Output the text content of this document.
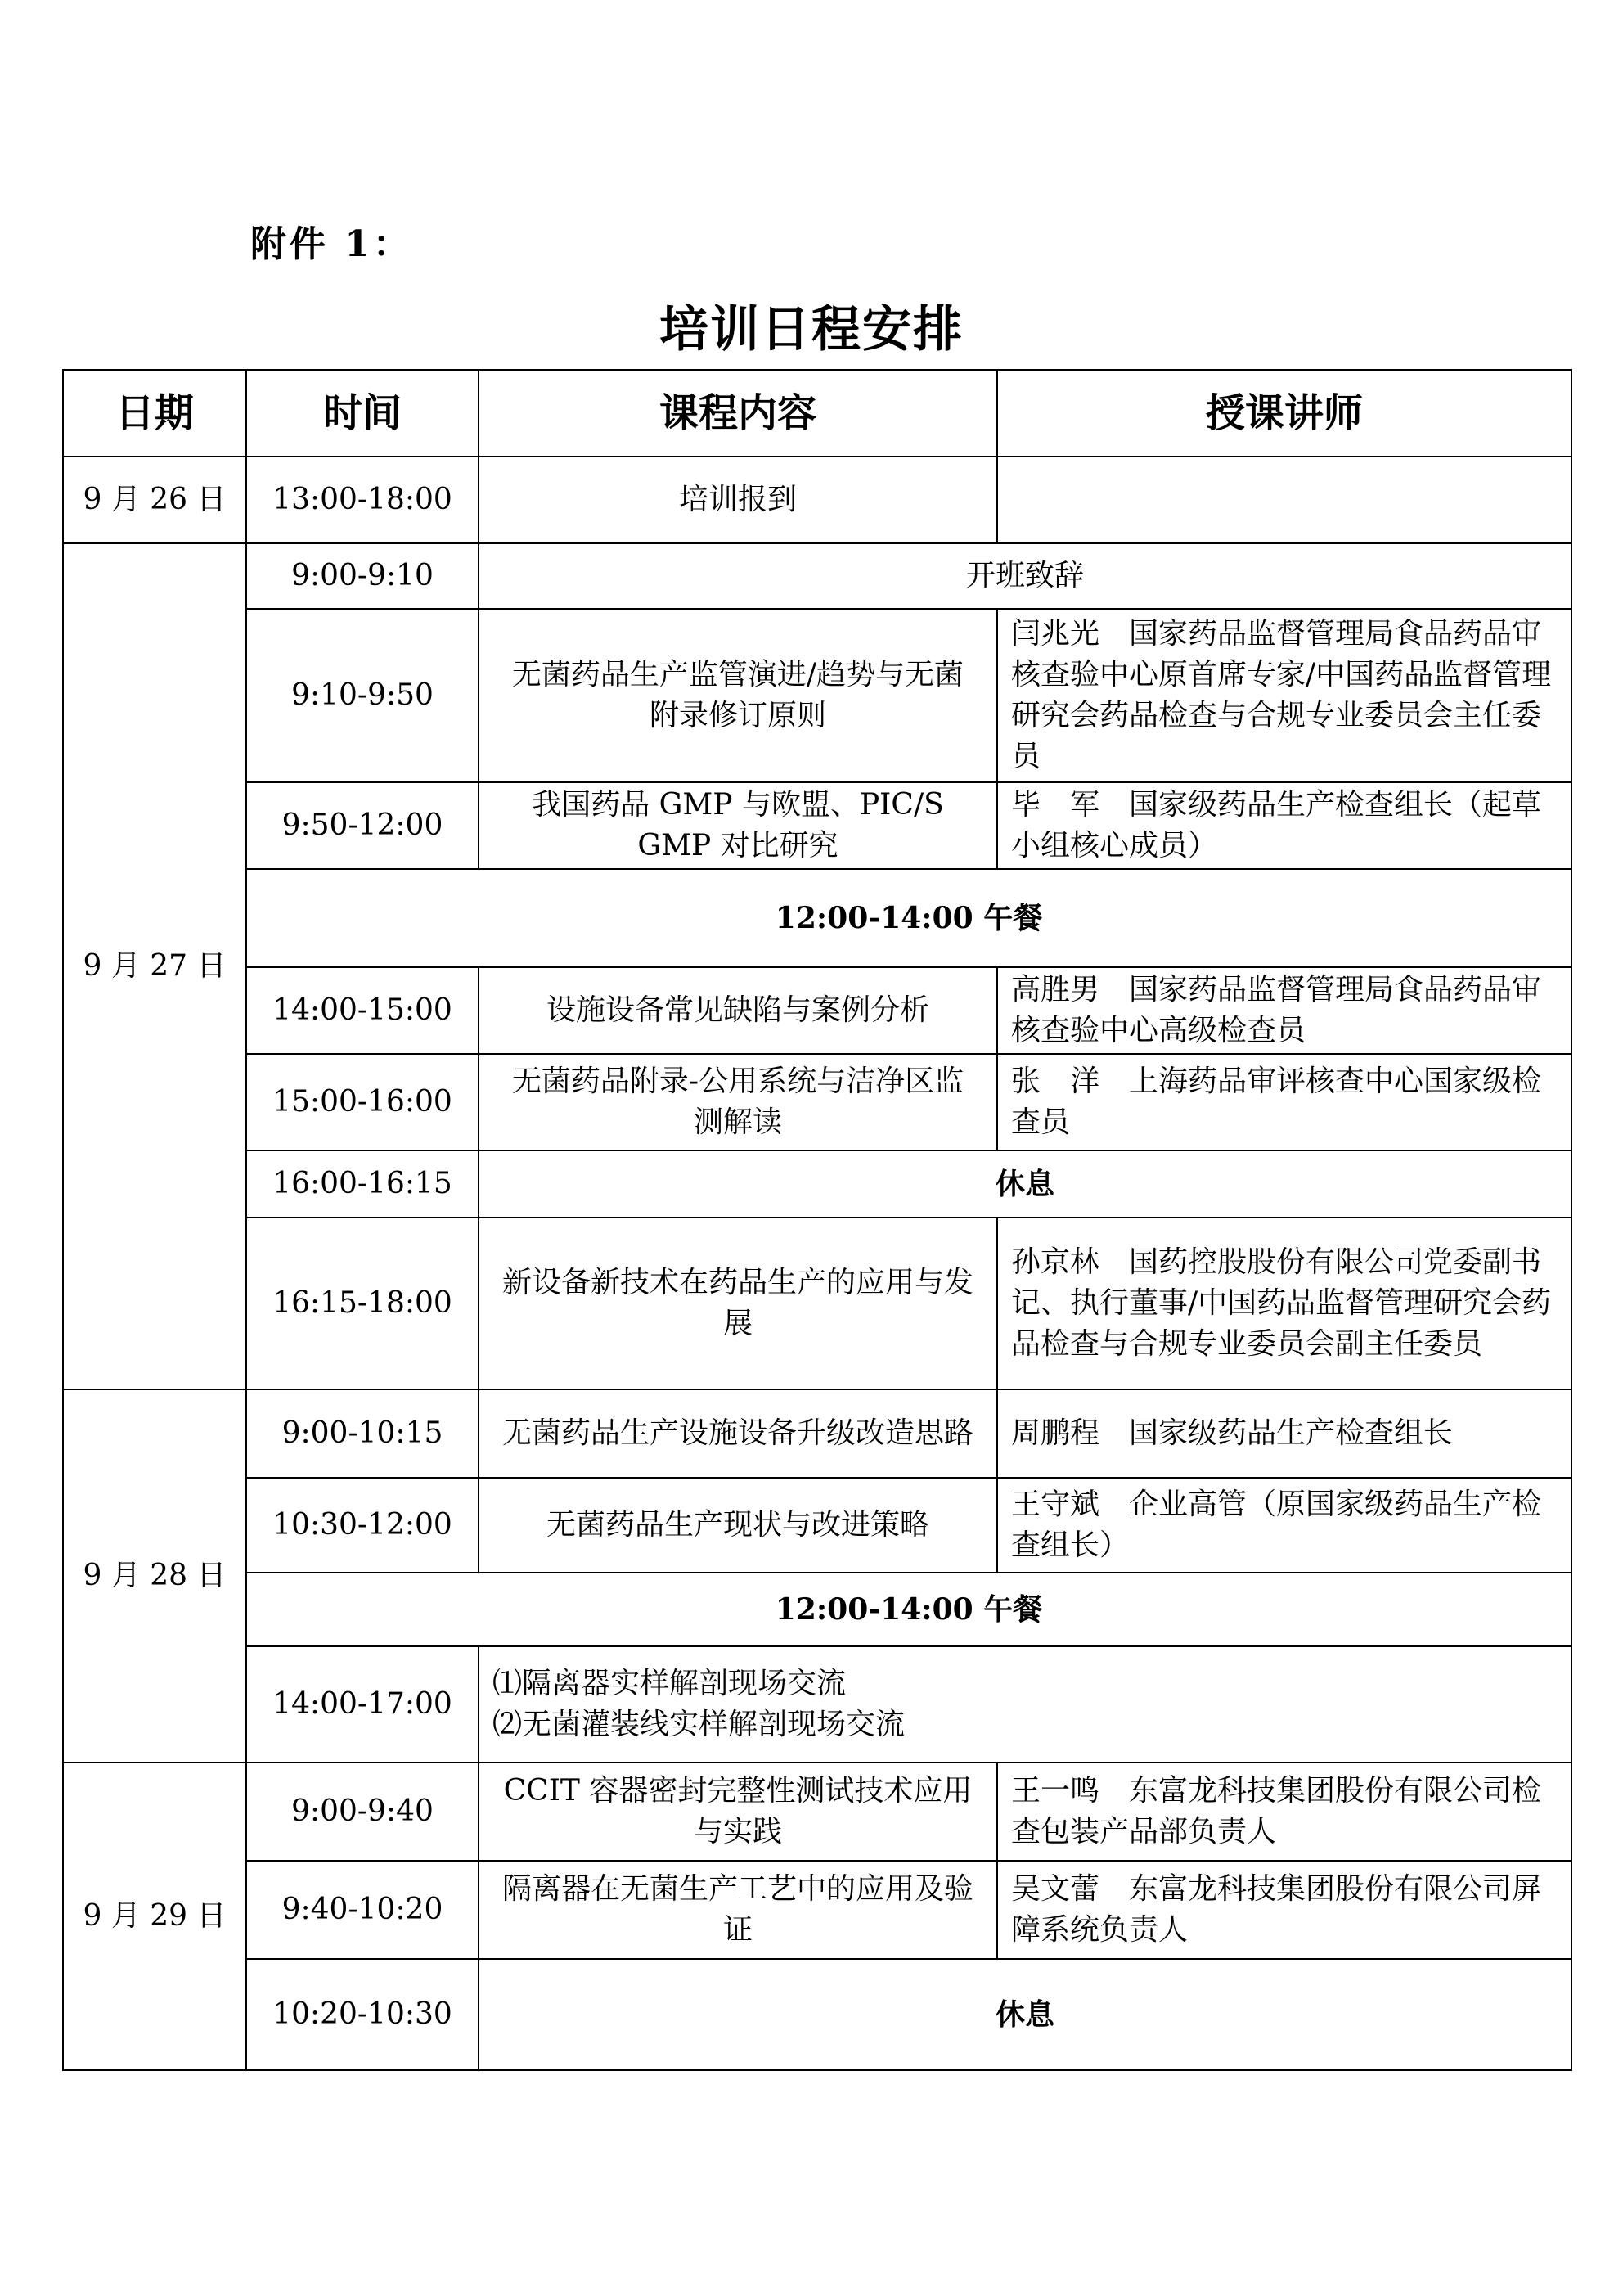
附件 1：
培训日程安排
日期	时间	课程内容	授课讲师
9 月 26 日	13:00-18:00	培训报到	
9 月 27 日	9:00-9:10	开班致辞	
	9:10-9:50	无菌药品生产监管演进/趋势与无菌附录修订原则	闫兆光　国家药品监督管理局食品药品审核查验中心原首席专家/中国药品监督管理研究会药品检查与合规专业委员会主任委员
	9:50-12:00	我国药品 GMP 与欧盟、PIC/S GMP 对比研究	毕　军　国家级药品生产检查组长（起草小组核心成员）
	12:00-14:00 午餐		
	14:00-15:00	设施设备常见缺陷与案例分析	高胜男　国家药品监督管理局食品药品审核查验中心高级检查员
	15:00-16:00	无菌药品附录-公用系统与洁净区监测解读	张　洋　上海药品审评核查中心国家级检查员
	16:00-16:15	休息	
	16:15-18:00	新设备新技术在药品生产的应用与发展	孙京林　国药控股股份有限公司党委副书记、执行董事/中国药品监督管理研究会药品检查与合规专业委员会副主任委员
9 月 28 日	9:00-10:15	无菌药品生产设施设备升级改造思路	周鹏程　国家级药品生产检查组长
	10:30-12:00	无菌药品生产现状与改进策略	王守斌　企业高管（原国家级药品生产检查组长）
	12:00-14:00 午餐		
	14:00-17:00	⑴隔离器实样解剖现场交流
⑵无菌灌装线实样解剖现场交流	

9 月 29 日	9:00-9:40	CCIT 容器密封完整性测试技术应用与实践	王一鸣　东富龙科技集团股份有限公司检查包装产品部负责人
	9:40-10:20	隔离器在无菌生产工艺中的应用及验证	吴文蕾　东富龙科技集团股份有限公司屏障系统负责人
	10:20-10:30	休息	
